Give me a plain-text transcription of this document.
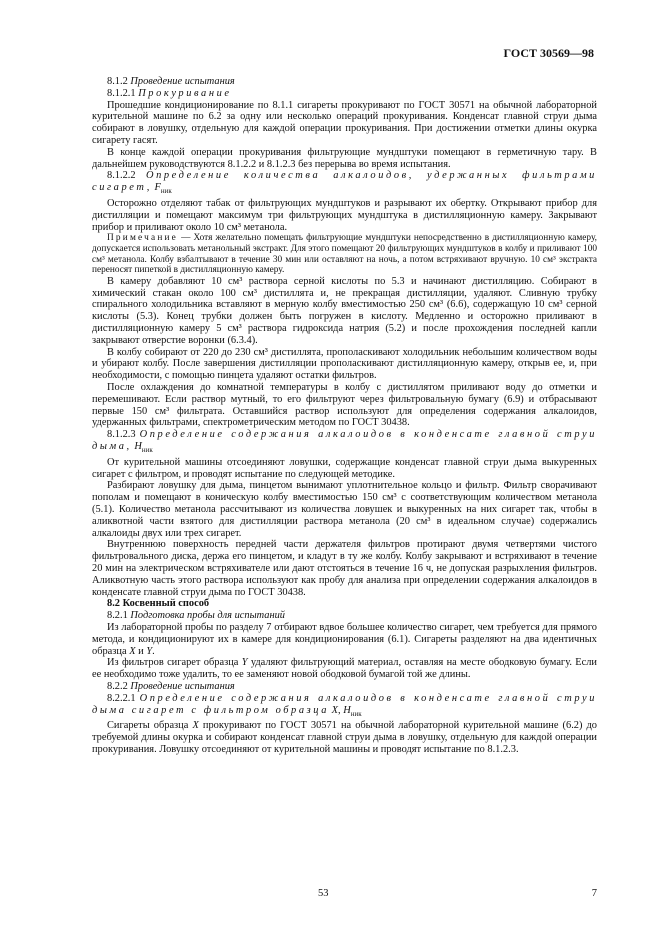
ГОСТ 30569—98

8.1.2 Проведение испытания

8.1.2.1 Прокуривание

Прошедшие кондиционирование по 8.1.1 сигареты прокуривают по ГОСТ 30571 на обычной лабораторной курительной машине по 6.2 за одну или несколько операций прокуривания. Конденсат главной струи дыма собирают в ловушку, отдельную для каждой операции прокуривания. При достижении отметки длины окурка сигарету гасят.

В конце каждой операции прокуривания фильтрующие мундштуки помещают в герметичную тару. В дальнейшем руководствуются 8.1.2.2 и 8.1.2.3 без перерыва во время испытания.

8.1.2.2 Определение количества алкалоидов, удержанных фильтрами сигарет, $F_{ник}$

Осторожно отделяют табак от фильтрующих мундштуков и разрывают их обертку. Открывают прибор для дистилляции и помещают максимум три фильтрующих мундштука в дистилляционную камеру. Закрывают прибор и приливают около 10 см³ метанола.

Примечание — Хотя желательно помещать фильтрующие мундштуки непосредственно в дистилляционную камеру, допускается использовать метанольный экстракт. Для этого помещают 20 фильтрующих мундштуков в колбу и приливают 100 см³ метанола. Колбу взбалтывают в течение 30 мин или оставляют на ночь, а потом встряхивают вручную. 10 см³ экстракта переносят пипеткой в дистилляционную камеру.

В камеру добавляют 10 см³ раствора серной кислоты по 5.3 и начинают дистилляцию. Собирают в химический стакан около 100 см³ дистиллята и, не прекращая дистилляции, удаляют. Сливную трубку спирального холодильника вставляют в мерную колбу вместимостью 250 см³ (6.6), содержащую 10 см³ серной кислоты (5.3). Конец трубки должен быть погружен в кислоту. Медленно и осторожно приливают в дистилляционную камеру 5 см³ раствора гидроксида натрия (5.2) и после прохождения последней капли закрывают отверстие воронки (6.3.4).

В колбу собирают от 220 до 230 см³ дистиллята, прополаскивают холодильник небольшим количеством воды и убирают колбу. После завершения дистилляции прополаскивают дистилляционную камеру, открыв ее, и, при необходимости, с помощью пинцета удаляют остатки фильтров.

После охлаждения до комнатной температуры в колбу с дистиллятом приливают воду до отметки и перемешивают. Если раствор мутный, то его фильтруют через фильтровальную бумагу (6.9) и отбрасывают первые 150 см³ фильтрата. Оставшийся раствор используют для определения содержания алкалоидов, удержанных фильтрами, спектрометрическим методом по ГОСТ 30438.

8.1.2.3 Определение содержания алкалоидов в конденсате главной струи дыма, $H_{ник}$

От курительной машины отсоединяют ловушки, содержащие конденсат главной струи дыма выкуренных сигарет с фильтром, и проводят испытание по следующей методике.

Разбирают ловушку для дыма, пинцетом вынимают уплотнительное кольцо и фильтр. Фильтр сворачивают пополам и помещают в коническую колбу вместимостью 150 см³ с соответствующим количеством метанола (5.1). Количество метанола рассчитывают из количества ловушек и выкуренных на них сигарет так, чтобы в аликвотной части взятого для дистилляции раствора метанола (20 см³ в идеальном случае) содержались алкалоиды двух или трех сигарет.

Внутреннюю поверхность передней части держателя фильтров протирают двумя четвертями чистого фильтровального диска, держа его пинцетом, и кладут в ту же колбу. Колбу закрывают и встряхивают в течение 20 мин на электрическом встряхивателе или дают отстояться в течение 16 ч, не допуская разрыхления фильтров. Аликвотную часть этого раствора используют как пробу для анализа при определении содержания алкалоидов в конденсате главной струи дыма по ГОСТ 30438.

8.2 Косвенный способ

8.2.1 Подготовка пробы для испытаний

Из лабораторной пробы по разделу 7 отбирают вдвое большее количество сигарет, чем требуется для прямого метода, и кондиционируют их в камере для кондиционирования (6.1). Сигареты разделяют на два идентичных образца X и Y.

Из фильтров сигарет образца Y удаляют фильтрующий материал, оставляя на месте ободковую бумагу. Если ее необходимо тоже удалить, то ее заменяют новой ободковой бумагой той же длины.

8.2.2 Проведение испытания

8.2.2.1 Определение содержания алкалоидов в конденсате главной струи дыма сигарет с фильтром образца X, $H_{ник}$

Сигареты образца X прокуривают по ГОСТ 30571 на обычной лабораторной курительной машине (6.2) до требуемой длины окурка и собирают конденсат главной струи дыма в ловушку, отдельную для каждой операции прокуривания. Ловушку отсоединяют от курительной машины и проводят испытание по 8.1.2.3.

53	7
